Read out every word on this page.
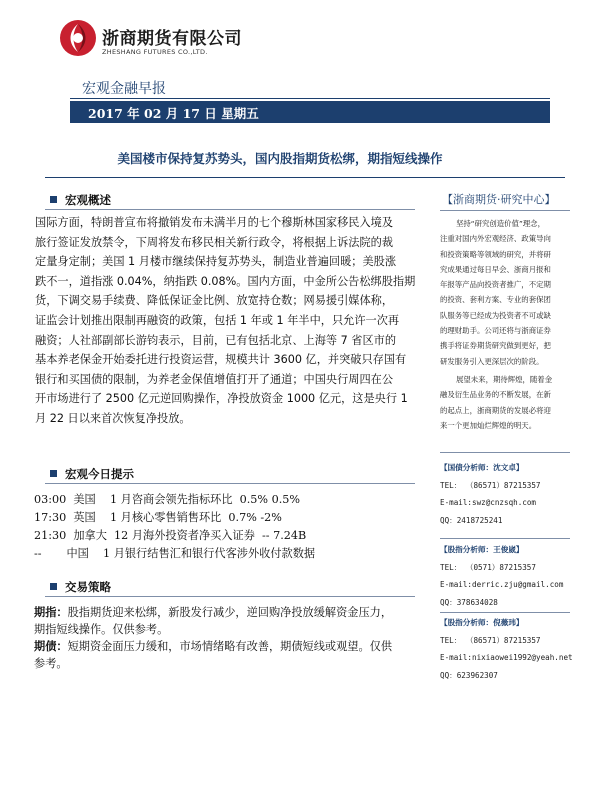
浙商期货有限公司
ZHESHANG FUTURES CO.,LTD.
宏观金融早报
2017 年 02 月 17 日 星期五
美国楼市保持复苏势头，国内股指期货松绑，期指短线操作
宏观概述
国际方面，特朗普宣布将撤销发布未满半月的七个穆斯林国家移民入境及
旅行签证发放禁令，下周将发布移民相关新行政令，将根据上诉法院的裁
定量身定制；美国 1 月楼市继续保持复苏势头，制造业普遍回暖；美股涨
跌不一，道指涨 0.04%，纳指跌 0.08%。国内方面，中金所公告松绑股指期
货，下调交易手续费、降低保证金比例、放宽持仓数；网易援引媒体称，
证监会计划推出限制再融资的政策，包括 1 年或 1 年半中，只允许一次再
融资；人社部副部长游钧表示，目前，已有包括北京、上海等 7 省区市的
基本养老保金开始委托进行投资运营，规模共计 3600 亿，并突破只存国有
银行和买国债的限制，为养老金保值增值打开了通道；中国央行周四在公
开市场进行了 2500 亿元逆回购操作，净投放资金 1000 亿元，这是央行 1
月 22 日以来首次恢复净投放。
宏观今日提示
03:00  美国    1 月咨商会领先指标环比  0.5% 0.5%
17:30  英国    1 月核心零售销售环比  0.7% -2%
21:30  加拿大  12 月海外投资者净买入证券  -- 7.24B
--       中国    1 月银行结售汇和银行代客涉外收付款数据
交易策略
期指：股指期货迎来松绑，新股发行减少，逆回购净投放缓解资金压力，
期指短线操作。仅供参考。
期债：短期资金面压力缓和，市场情绪略有改善，期债短线或观望。仅供
参考。
【浙商期货·研究中心】
坚持“研究创造价值”理念，
注重对国内外宏观经济、政策导向
和投资策略等领域的研究，并将研
究成果通过每日早会、浙商月报和
年报等产品向投资者推广，不定期
的投资、套利方案、专业的套保团
队服务等已经成为投资者不可或缺
的理财助手。公司还将与浙商证券
携手将证券期货研究做到更好，把
研发服务引入更深层次的阶段。
展望未来，期待辉煌，随着金
融及衍生品业务的不断发展，在新
的起点上，浙商期货的发展必将迎
来一个更加灿烂辉煌的明天。
【国债分析师：沈文卓】
TEL： （86571）87215357
E-mail:swz@cnzsqh.com
QQ：2418725241
【股指分析师：王俊崴】
TEL： （0571）87215357
E-mail:derric.zju@gmail.com
QQ：378634028
【股指分析师：倪薇玮】
TEL： （86571）87215357
E-mail:nixiaowei1992@yeah.net
QQ：623962307
